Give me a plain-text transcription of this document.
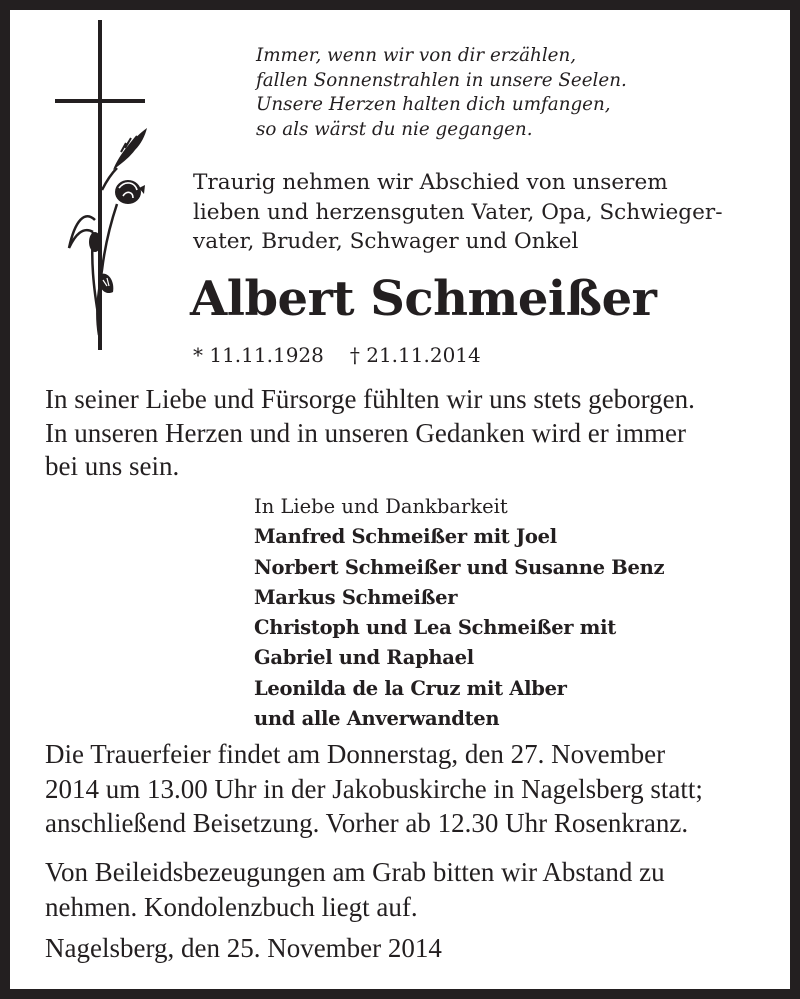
Immer, wenn wir von dir erzählen,
fallen Sonnenstrahlen in unsere Seelen.
Unsere Herzen halten dich umfangen,
so als wärst du nie gegangen.
Traurig nehmen wir Abschied von unserem
lieben und herzensguten Vater, Opa, Schwieger-
vater, Bruder, Schwager und Onkel
Albert Schmeißer
* 11.11.1928 † 21.11.2014
In seiner Liebe und Fürsorge fühlten wir uns stets geborgen.
In unseren Herzen und in unseren Gedanken wird er immer
bei uns sein.
In Liebe und Dankbarkeit
Manfred Schmeißer mit Joel
Norbert Schmeißer und Susanne Benz
Markus Schmeißer
Christoph und Lea Schmeißer mit
Gabriel und Raphael
Leonilda de la Cruz mit Alber
und alle Anverwandten
Die Trauerfeier findet am Donnerstag, den 27. November
2014 um 13.00 Uhr in der Jakobuskirche in Nagelsberg statt;
anschließend Beisetzung. Vorher ab 12.30 Uhr Rosenkranz.
Von Beileidsbezeugungen am Grab bitten wir Abstand zu
nehmen. Kondolenzbuch liegt auf.
Nagelsberg, den 25. November 2014
